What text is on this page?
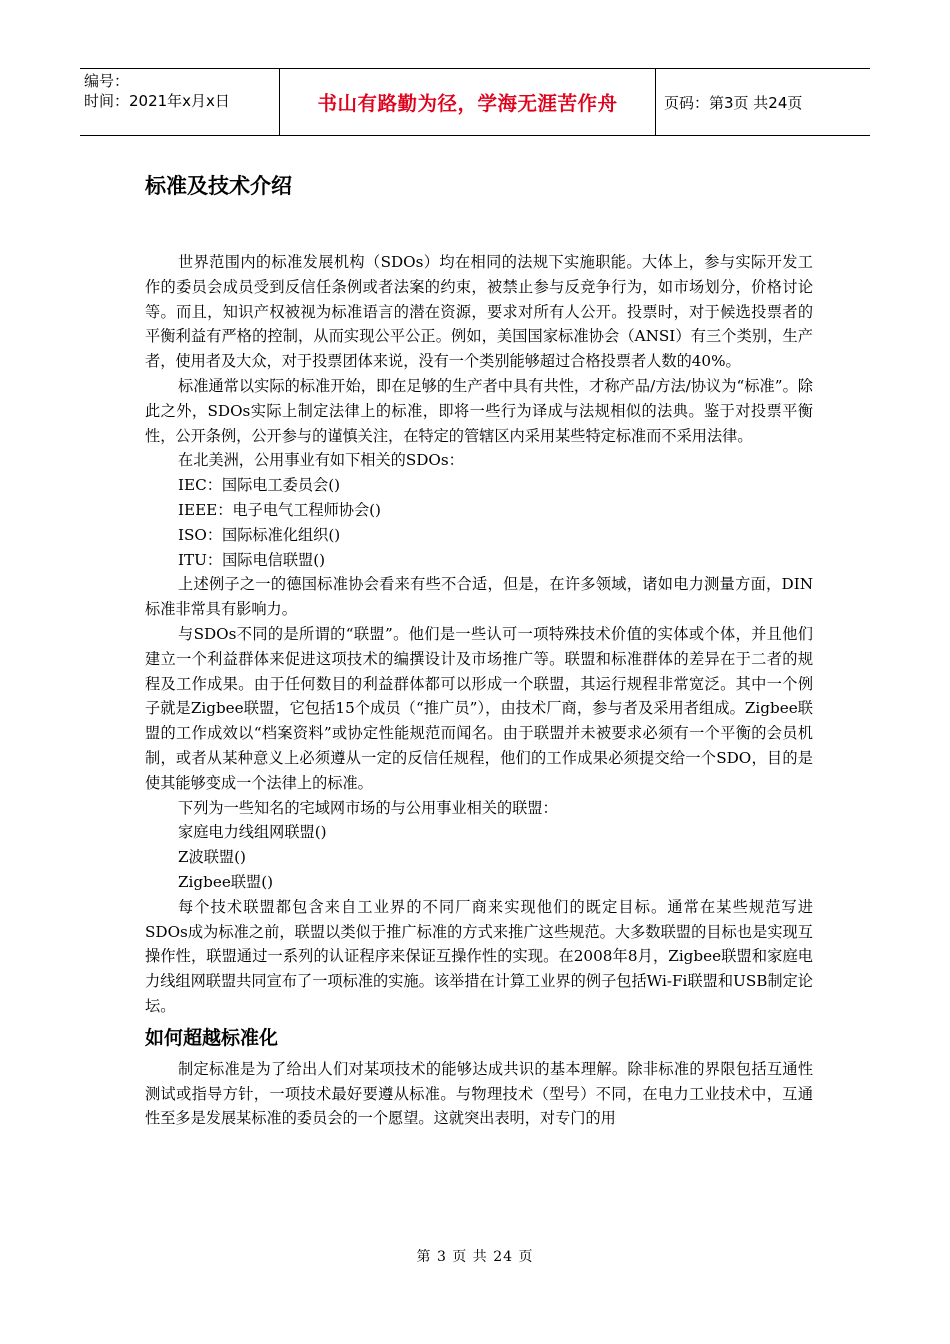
编号：
时间：2021年x月x日	书山有路勤为径，学海无涯苦作舟	页码：第3页 共24页
标准及技术介绍

世界范围内的标准发展机构（SDOs）均在相同的法规下实施职能。大体上，参与实际开发工作的委员会成员受到反信任条例或者法案的约束，被禁止参与反竞争行为，如市场划分，价格讨论等。而且，知识产权被视为标准语言的潜在资源，要求对所有人公开。投票时，对于候选投票者的平衡利益有严格的控制，从而实现公平公正。例如，美国国家标准协会（ANSI）有三个类别，生产者，使用者及大众，对于投票团体来说，没有一个类别能够超过合格投票者人数的40%。

标准通常以实际的标准开始，即在足够的生产者中具有共性，才称产品/方法/协议为“标准”。除此之外，SDOs实际上制定法律上的标准，即将一些行为译成与法规相似的法典。鉴于对投票平衡性，公开条例，公开参与的谨慎关注，在特定的管辖区内采用某些特定标准而不采用法律。

在北美洲，公用事业有如下相关的SDOs：

IEC：国际电工委员会()

IEEE：电子电气工程师协会()

ISO：国际标准化组织()

ITU：国际电信联盟()

上述例子之一的德国标准协会看来有些不合适，但是，在许多领域，诸如电力测量方面，DIN标准非常具有影响力。

与SDOs不同的是所谓的“联盟”。他们是一些认可一项特殊技术价值的实体或个体，并且他们建立一个利益群体来促进这项技术的编撰设计及市场推广等。联盟和标准群体的差异在于二者的规程及工作成果。由于任何数目的利益群体都可以形成一个联盟，其运行规程非常宽泛。其中一个例子就是Zigbee联盟，它包括15个成员（“推广员”），由技术厂商，参与者及采用者组成。Zigbee联盟的工作成效以“档案资料”或协定性能规范而闻名。由于联盟并未被要求必须有一个平衡的会员机制，或者从某种意义上必须遵从一定的反信任规程，他们的工作成果必须提交给一个SDO，目的是使其能够变成一个法律上的标准。

下列为一些知名的宅域网市场的与公用事业相关的联盟：

家庭电力线组网联盟()

Z波联盟()

Zigbee联盟()

每个技术联盟都包含来自工业界的不同厂商来实现他们的既定目标。通常在某些规范写进SDOs成为标准之前，联盟以类似于推广标准的方式来推广这些规范。大多数联盟的目标也是实现互操作性，联盟通过一系列的认证程序来保证互操作性的实现。在2008年8月，Zigbee联盟和家庭电力线组网联盟共同宣布了一项标准的实施。该举措在计算工业界的例子包括Wi-Fi联盟和USB制定论坛。

如何超越标准化

制定标准是为了给出人们对某项技术的能够达成共识的基本理解。除非标准的界限包括互通性测试或指导方针，一项技术最好要遵从标准。与物理技术（型号）不同，在电力工业技术中，互通性至多是发展某标准的委员会的一个愿望。这就突出表明，对专门的用

第 3 页 共 24 页
